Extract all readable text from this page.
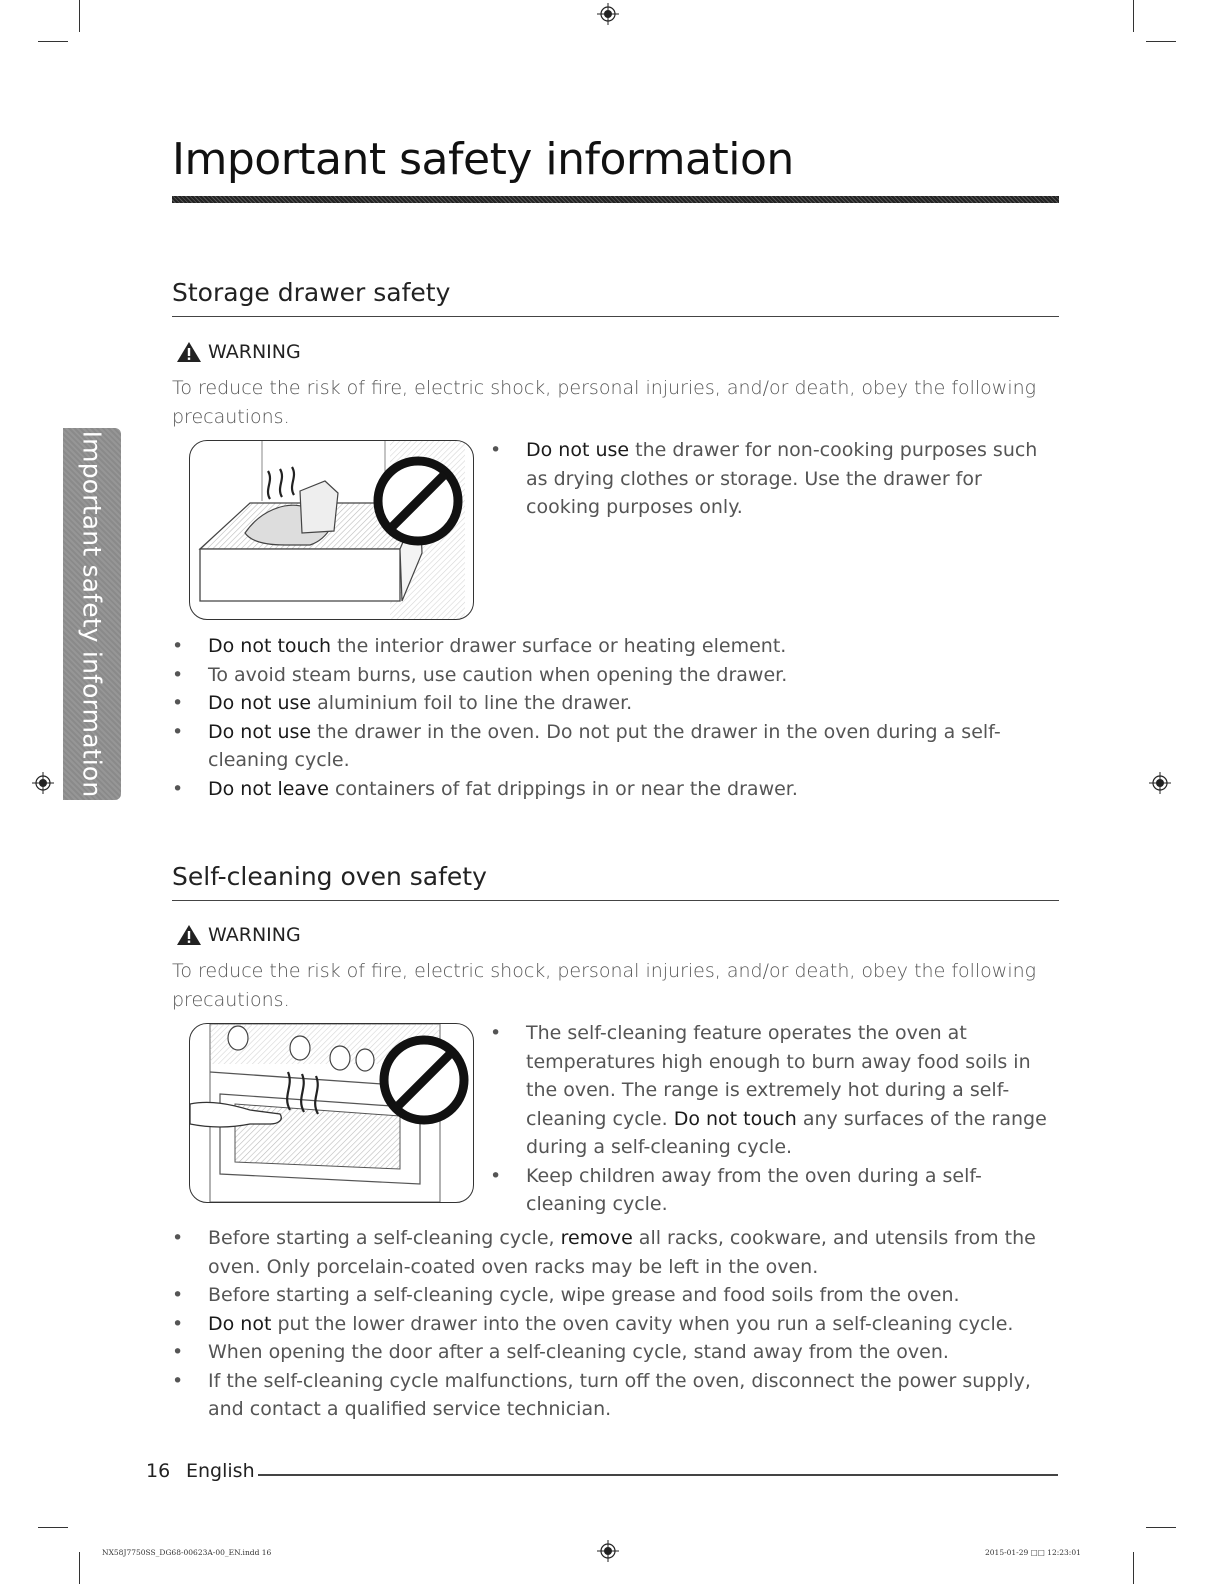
Important safety information
Important safety information
Storage drawer safety
WARNING

To reduce the risk of fire, electric shock, personal injuries, and/or death, obey the following precautions.

• Do not use the drawer for non-cooking purposes such as drying clothes or storage. Use the drawer for cooking purposes only.
• Do not touch the interior drawer surface or heating element.
• To avoid steam burns, use caution when opening the drawer.
• Do not use aluminium foil to line the drawer.
• Do not use the drawer in the oven. Do not put the drawer in the oven during a self-cleaning cycle.
• Do not leave containers of fat drippings in or near the drawer.
Self-cleaning oven safety
WARNING

To reduce the risk of fire, electric shock, personal injuries, and/or death, obey the following precautions.

• The self-cleaning feature operates the oven at temperatures high enough to burn away food soils in the oven. The range is extremely hot during a self-cleaning cycle. Do not touch any surfaces of the range during a self-cleaning cycle.
• Keep children away from the oven during a self-cleaning cycle.
• Before starting a self-cleaning cycle, remove all racks, cookware, and utensils from the oven. Only porcelain-coated oven racks may be left in the oven.
• Before starting a self-cleaning cycle, wipe grease and food soils from the oven.
• Do not put the lower drawer into the oven cavity when you run a self-cleaning cycle.
• When opening the door after a self-cleaning cycle, stand away from the oven.
• If the self-cleaning cycle malfunctions, turn off the oven, disconnect the power supply, and contact a qualified service technician.
16 English
NX58J7750SS_DG68-00623A-00_EN.indd 16	2015-01-29 □□ 12:23:01
